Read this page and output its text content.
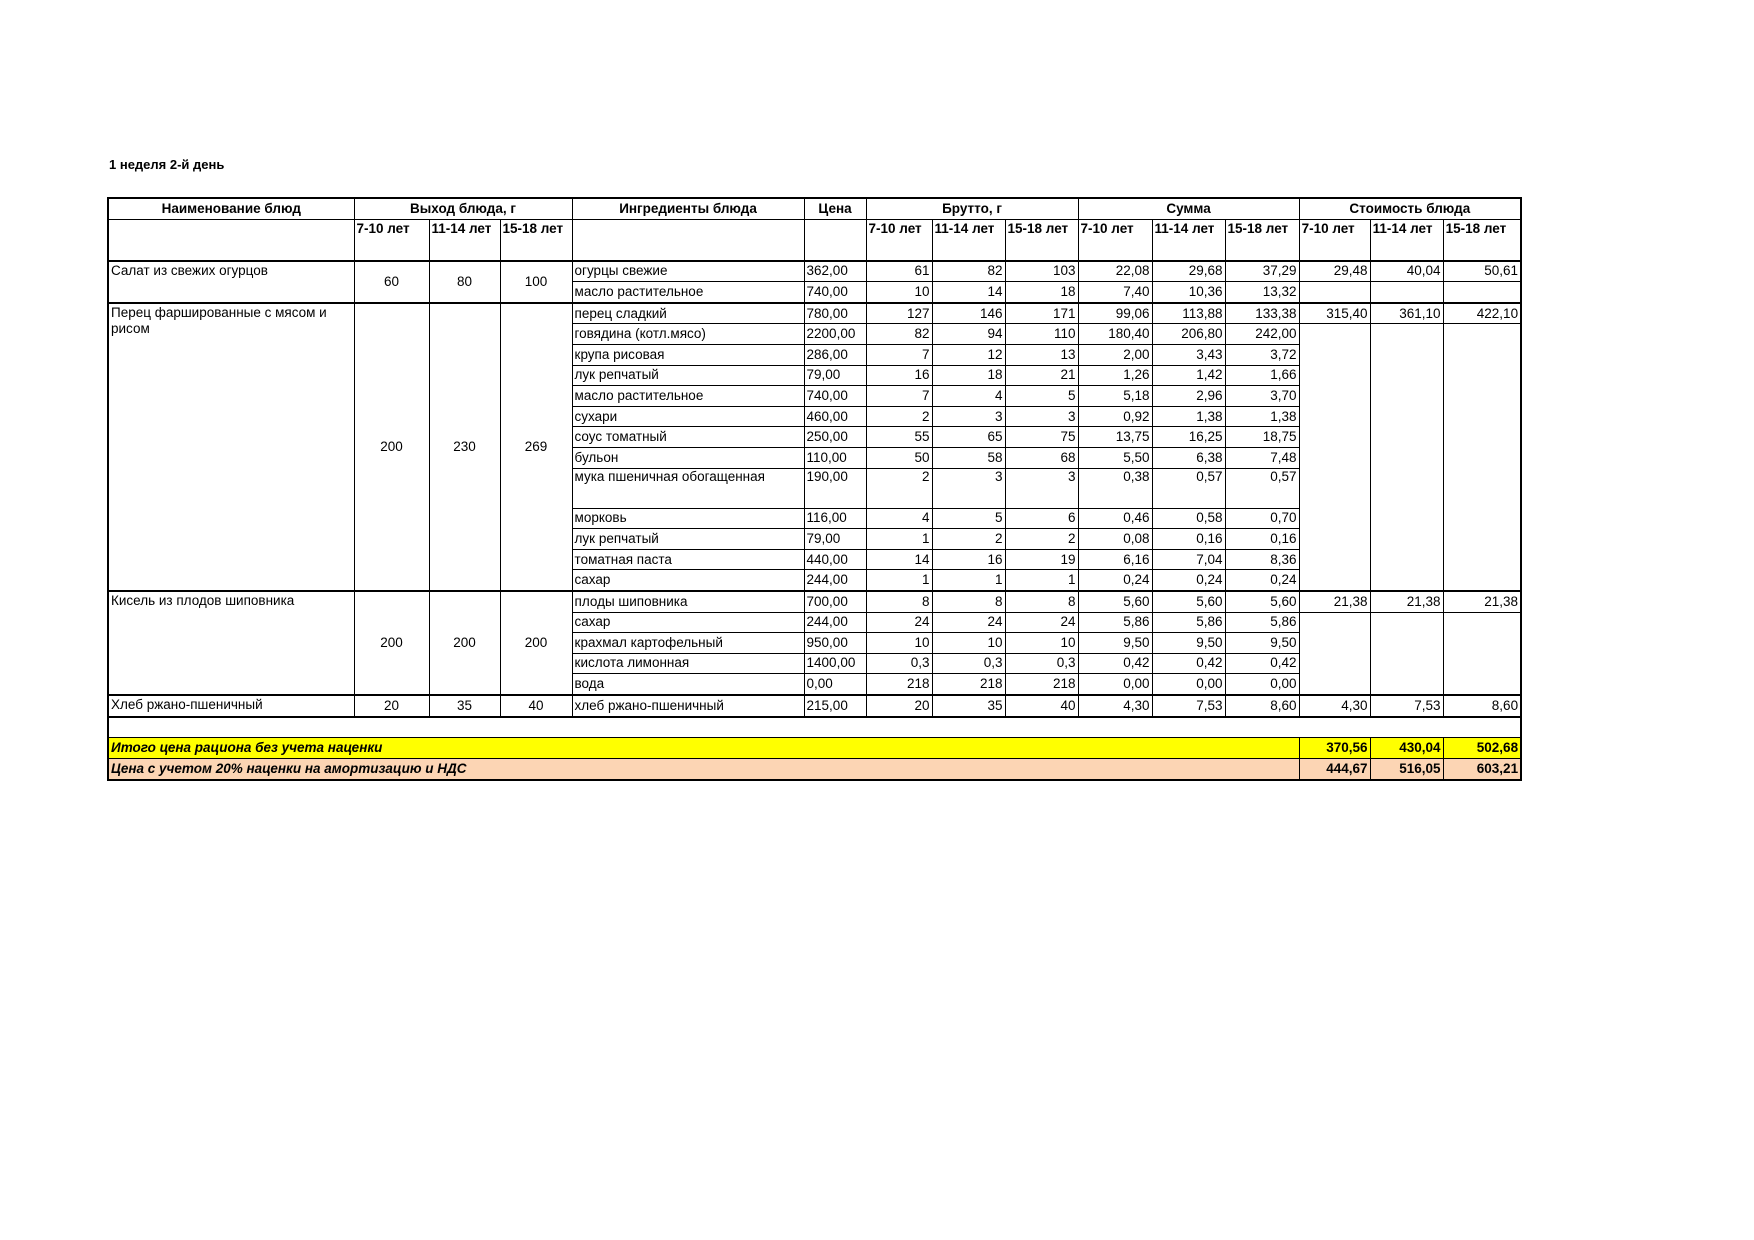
1 неделя 2-й день
Наименование блюд	Выход блюда, г			Ингредиенты блюда	Цена	Брутто, г			Сумма			Стоимость блюда		
	7-10 лет	11-14 лет	15-18 лет			7-10 лет	11-14 лет	15-18 лет	7-10 лет	11-14 лет	15-18 лет	7-10 лет	11-14 лет	15-18 лет
Салат из свежих огурцов	60	80	100	огурцы свежие	362,00	61	82	103	22,08	29,68	37,29	29,48	40,04	50,61
				масло растительное	740,00	10	14	18	7,40	10,36	13,32			
Перец фаршированные с мясом и рисом	200	230	269	перец сладкий	780,00	127	146	171	99,06	113,88	133,38	315,40	361,10	422,10
				говядина (котл.мясо)	2200,00	82	94	110	180,40	206,80	242,00			
				крупа рисовая	286,00	7	12	13	2,00	3,43	3,72			
				лук репчатый	79,00	16	18	21	1,26	1,42	1,66			
				масло растительное	740,00	7	4	5	5,18	2,96	3,70			
				сухари	460,00	2	3	3	0,92	1,38	1,38			
				соус томатный	250,00	55	65	75	13,75	16,25	18,75			
				бульон	110,00	50	58	68	5,50	6,38	7,48			
				мука пшеничная обогащенная	190,00	2	3	3	0,38	0,57	0,57			
				морковь	116,00	4	5	6	0,46	0,58	0,70			
				лук репчатый	79,00	1	2	2	0,08	0,16	0,16			
				томатная паста	440,00	14	16	19	6,16	7,04	8,36			
				сахар	244,00	1	1	1	0,24	0,24	0,24			
Кисель из плодов шиповника	200	200	200	плоды шиповника	700,00	8	8	8	5,60	5,60	5,60	21,38	21,38	21,38
				сахар	244,00	24	24	24	5,86	5,86	5,86			
				крахмал картофельный	950,00	10	10	10	9,50	9,50	9,50			
				кислота лимонная	1400,00	0,3	0,3	0,3	0,42	0,42	0,42			
				вода	0,00	218	218	218	0,00	0,00	0,00			
Хлеб ржано-пшеничный	20	35	40	хлеб ржано-пшеничный	215,00	20	35	40	4,30	7,53	8,60	4,30	7,53	8,60

Итого цена рациона без учета наценки												370,56	430,04	502,68
Цена с учетом 20% наценки на амортизацию и НДС												444,67	516,05	603,21
